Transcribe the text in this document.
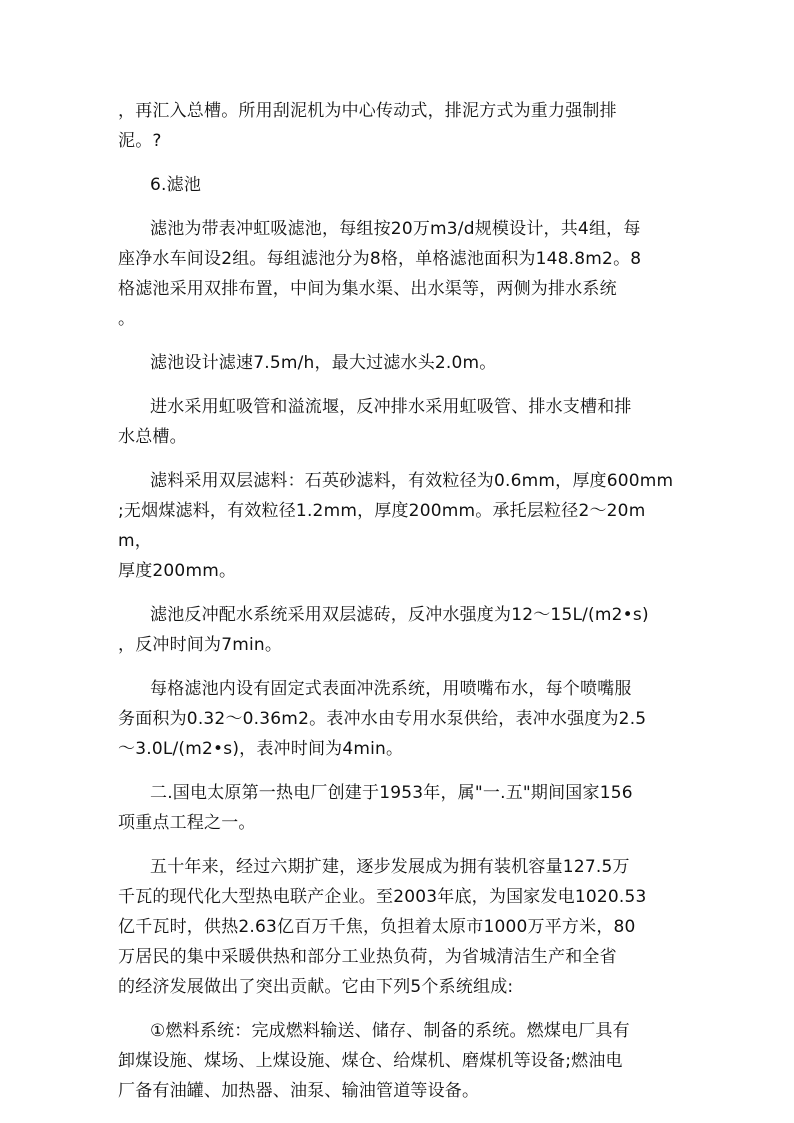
，再汇入总槽。所用刮泥机为中心传动式，排泥方式为重力强制排
泥。?

6.滤池

滤池为带表冲虹吸滤池，每组按20万m3/d规模设计，共4组，每
座净水车间设2组。每组滤池分为8格，单格滤池面积为148.8m2。8
格滤池采用双排布置，中间为集水渠、出水渠等，两侧为排水系统
。

滤池设计滤速7.5m/h，最大过滤水头2.0m。

进水采用虹吸管和溢流堰，反冲排水采用虹吸管、排水支槽和排
水总槽。

滤料采用双层滤料：石英砂滤料，有效粒径为0.6mm，厚度600mm
;无烟煤滤料，有效粒径1.2mm，厚度200mm。承托层粒径2～20mm，
厚度200mm。

滤池反冲配水系统采用双层滤砖，反冲水强度为12～15L/(m2•s)
，反冲时间为7min。

每格滤池内设有固定式表面冲洗系统，用喷嘴布水，每个喷嘴服
务面积为0.32～0.36m2。表冲水由专用水泵供给，表冲水强度为2.5
～3.0L/(m2•s)，表冲时间为4min。

二.国电太原第一热电厂创建于1953年，属"一.五"期间国家156
项重点工程之一。

五十年来，经过六期扩建，逐步发展成为拥有装机容量127.5万
千瓦的现代化大型热电联产企业。至2003年底，为国家发电1020.53
亿千瓦时，供热2.63亿百万千焦，负担着太原市1000万平方米，80
万居民的集中采暖供热和部分工业热负荷，为省城清洁生产和全省
的经济发展做出了突出贡献。它由下列5个系统组成:

①燃料系统：完成燃料输送、储存、制备的系统。燃煤电厂具有
卸煤设施、煤场、上煤设施、煤仓、给煤机、磨煤机等设备;燃油电
厂备有油罐、加热器、油泵、输油管道等设备。
